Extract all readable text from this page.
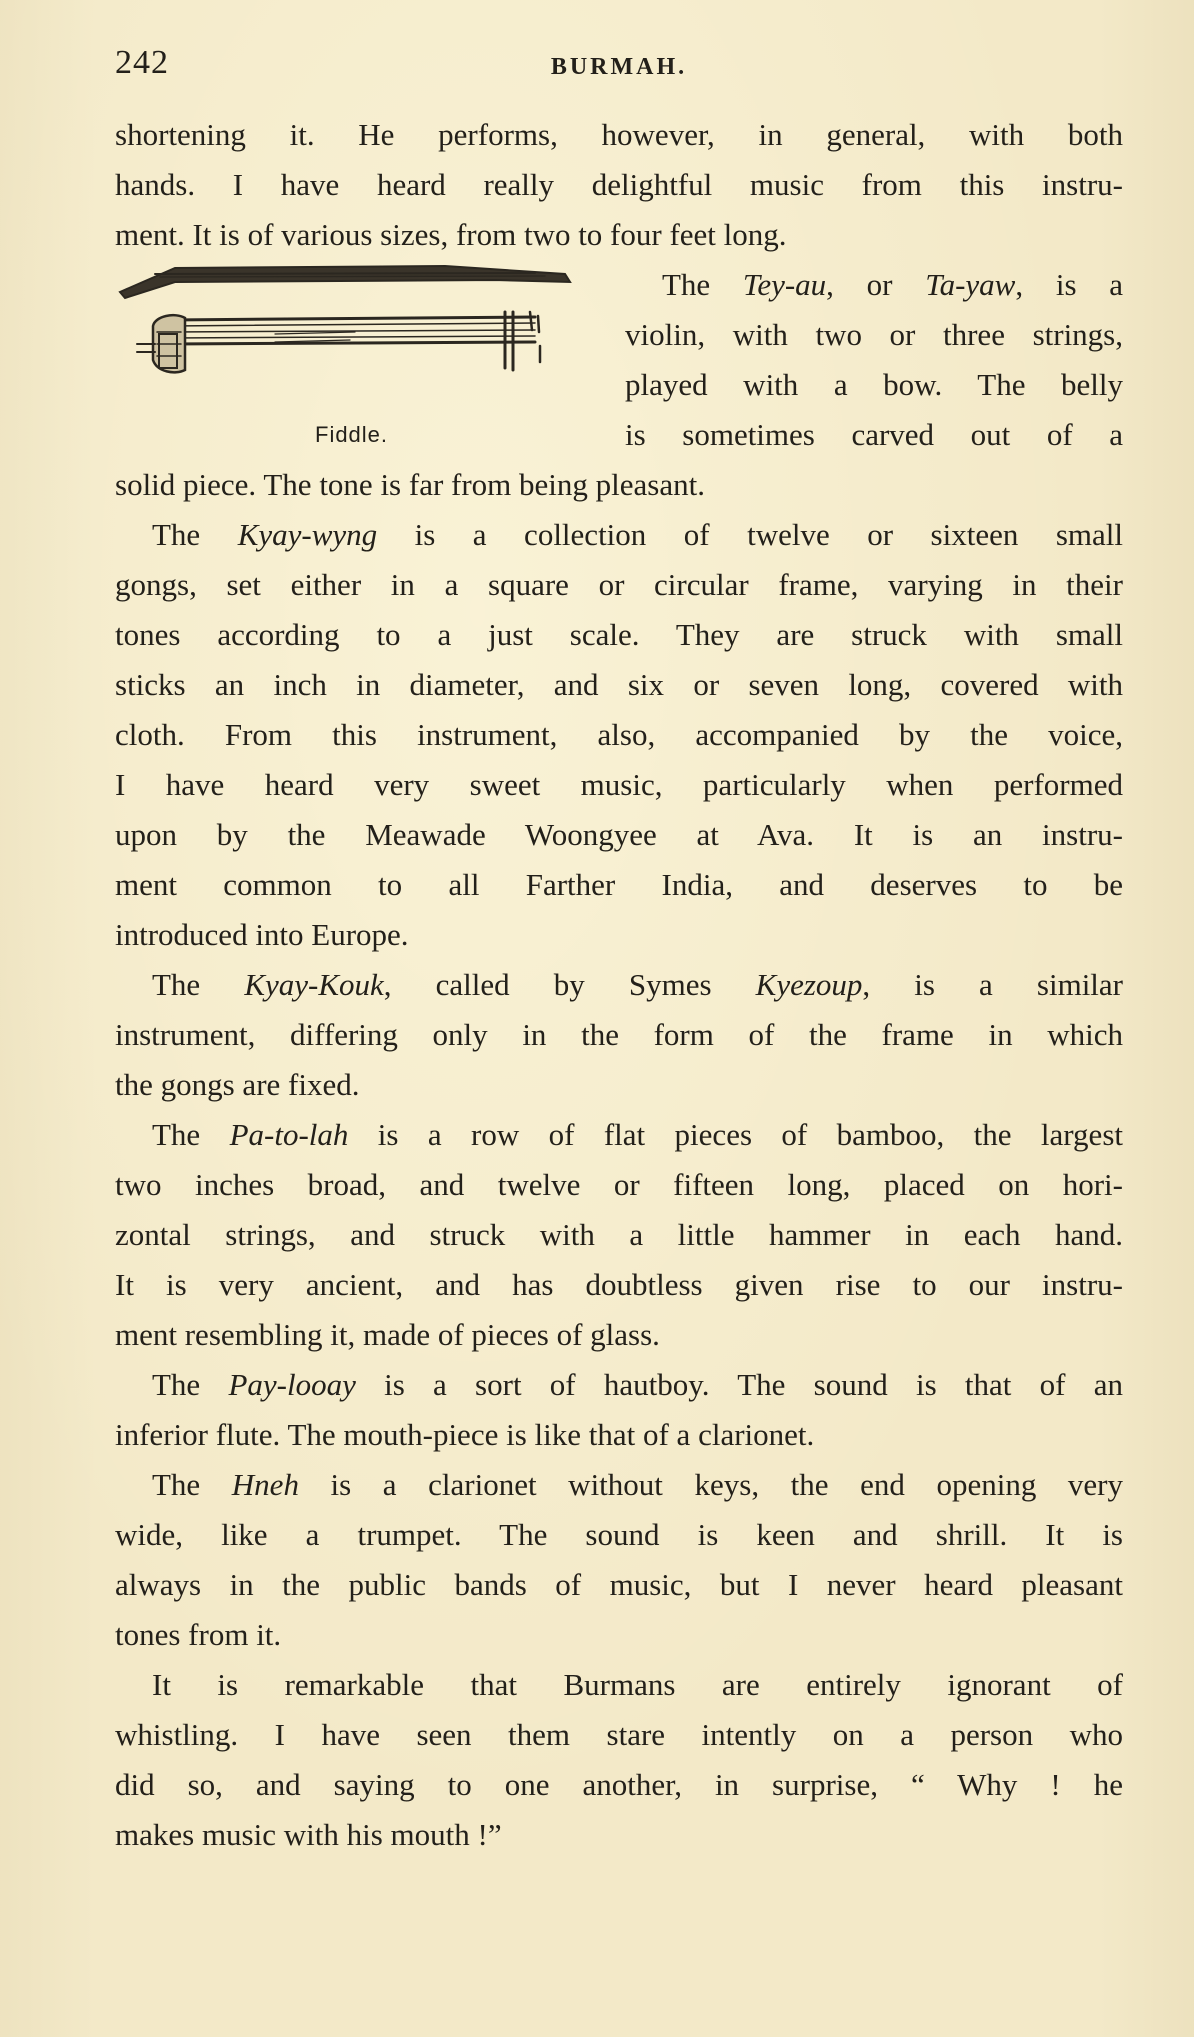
242	BURMAH.
shortening it. He performs, however, in general, with both
hands. I have heard really delightful music from this instru-
ment. It is of various sizes, from two to four feet long.
Fiddle.
The Tey-au, or Ta-yaw, is a
violin, with two or three strings,
played with a bow. The belly
is sometimes carved out of a
solid piece. The tone is far from being pleasant.
The Kyay-wyng is a collection of twelve or sixteen small
gongs, set either in a square or circular frame, varying in their
tones according to a just scale. They are struck with small
sticks an inch in diameter, and six or seven long, covered with
cloth. From this instrument, also, accompanied by the voice,
I have heard very sweet music, particularly when performed
upon by the Meawade Woongyee at Ava. It is an instru-
ment common to all Farther India, and deserves to be
introduced into Europe.
The Kyay-Kouk, called by Symes Kyezoup, is a similar
instrument, differing only in the form of the frame in which
the gongs are fixed.
The Pa-to-lah is a row of flat pieces of bamboo, the largest
two inches broad, and twelve or fifteen long, placed on hori-
zontal strings, and struck with a little hammer in each hand.
It is very ancient, and has doubtless given rise to our instru-
ment resembling it, made of pieces of glass.
The Pay-looay is a sort of hautboy. The sound is that of an
inferior flute. The mouth-piece is like that of a clarionet.
The Hneh is a clarionet without keys, the end opening very
wide, like a trumpet. The sound is keen and shrill. It is
always in the public bands of music, but I never heard pleasant
tones from it.
It is remarkable that Burmans are entirely ignorant of
whistling. I have seen them stare intently on a person who
did so, and saying to one another, in surprise, “ Why ! he
makes music with his mouth !”
